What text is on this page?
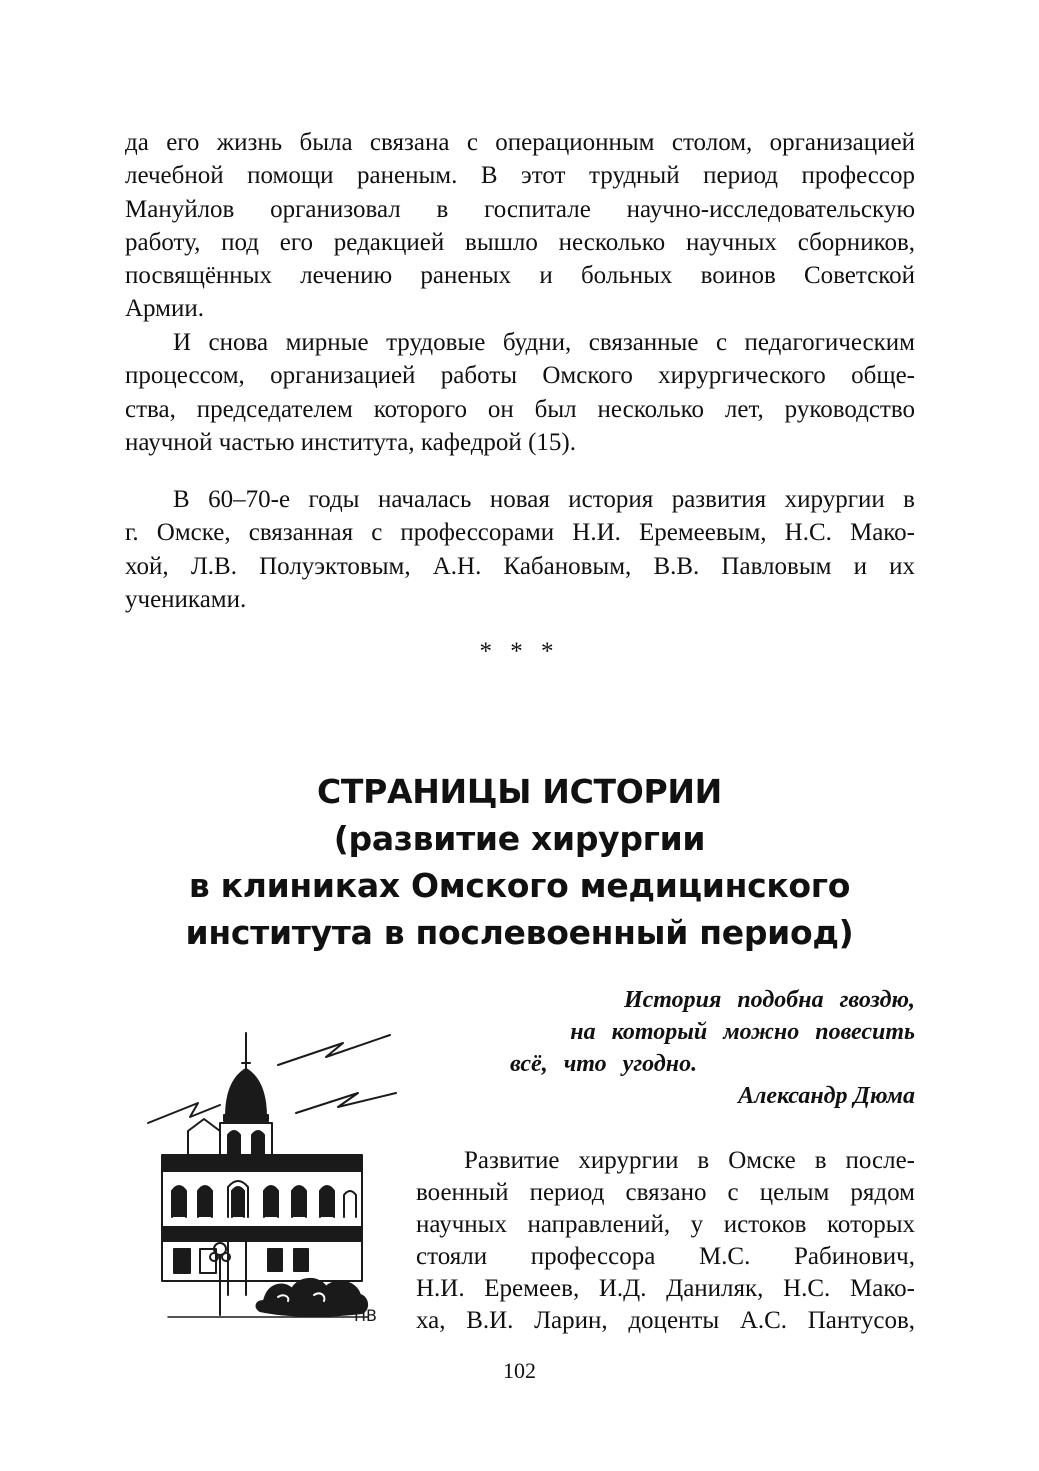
да его жизнь была связана с операционным столом, организацией
лечебной помощи раненым. В этот трудный период профессор
Мануйлов организовал в госпитале научно-исследовательскую
работу, под его редакцией вышло несколько научных сборников,
посвящённых лечению раненых и больных воинов Советской
Армии.
И снова мирные трудовые будни, связанные с педагогическим
процессом, организацией работы Омского хирургического обще-
ства, председателем которого он был несколько лет, руководство
научной частью института, кафедрой (15).
В 60–70-е годы началась новая история развития хирургии в
г. Омске, связанная с профессорами Н.И. Еремеевым, Н.С. Мако-
хой, Л.В. Полуэктовым, А.Н. Кабановым, В.В. Павловым и их
учениками.
* * *
СТРАНИЦЫ ИСТОРИИ
(развитие хирургии
в клиниках Омского медицинского
института в послевоенный период)
История подобна гвоздю,
на который можно повесить
всё, что угодно.
Александр Дюма
ПВ
Развитие хирургии в Омске в после-
военный период связано с целым рядом
научных направлений, у истоков которых
стояли профессора М.С. Рабинович,
Н.И. Еремеев, И.Д. Даниляк, Н.С. Мако-
ха, В.И. Ларин, доценты А.С. Пантусов,
102
